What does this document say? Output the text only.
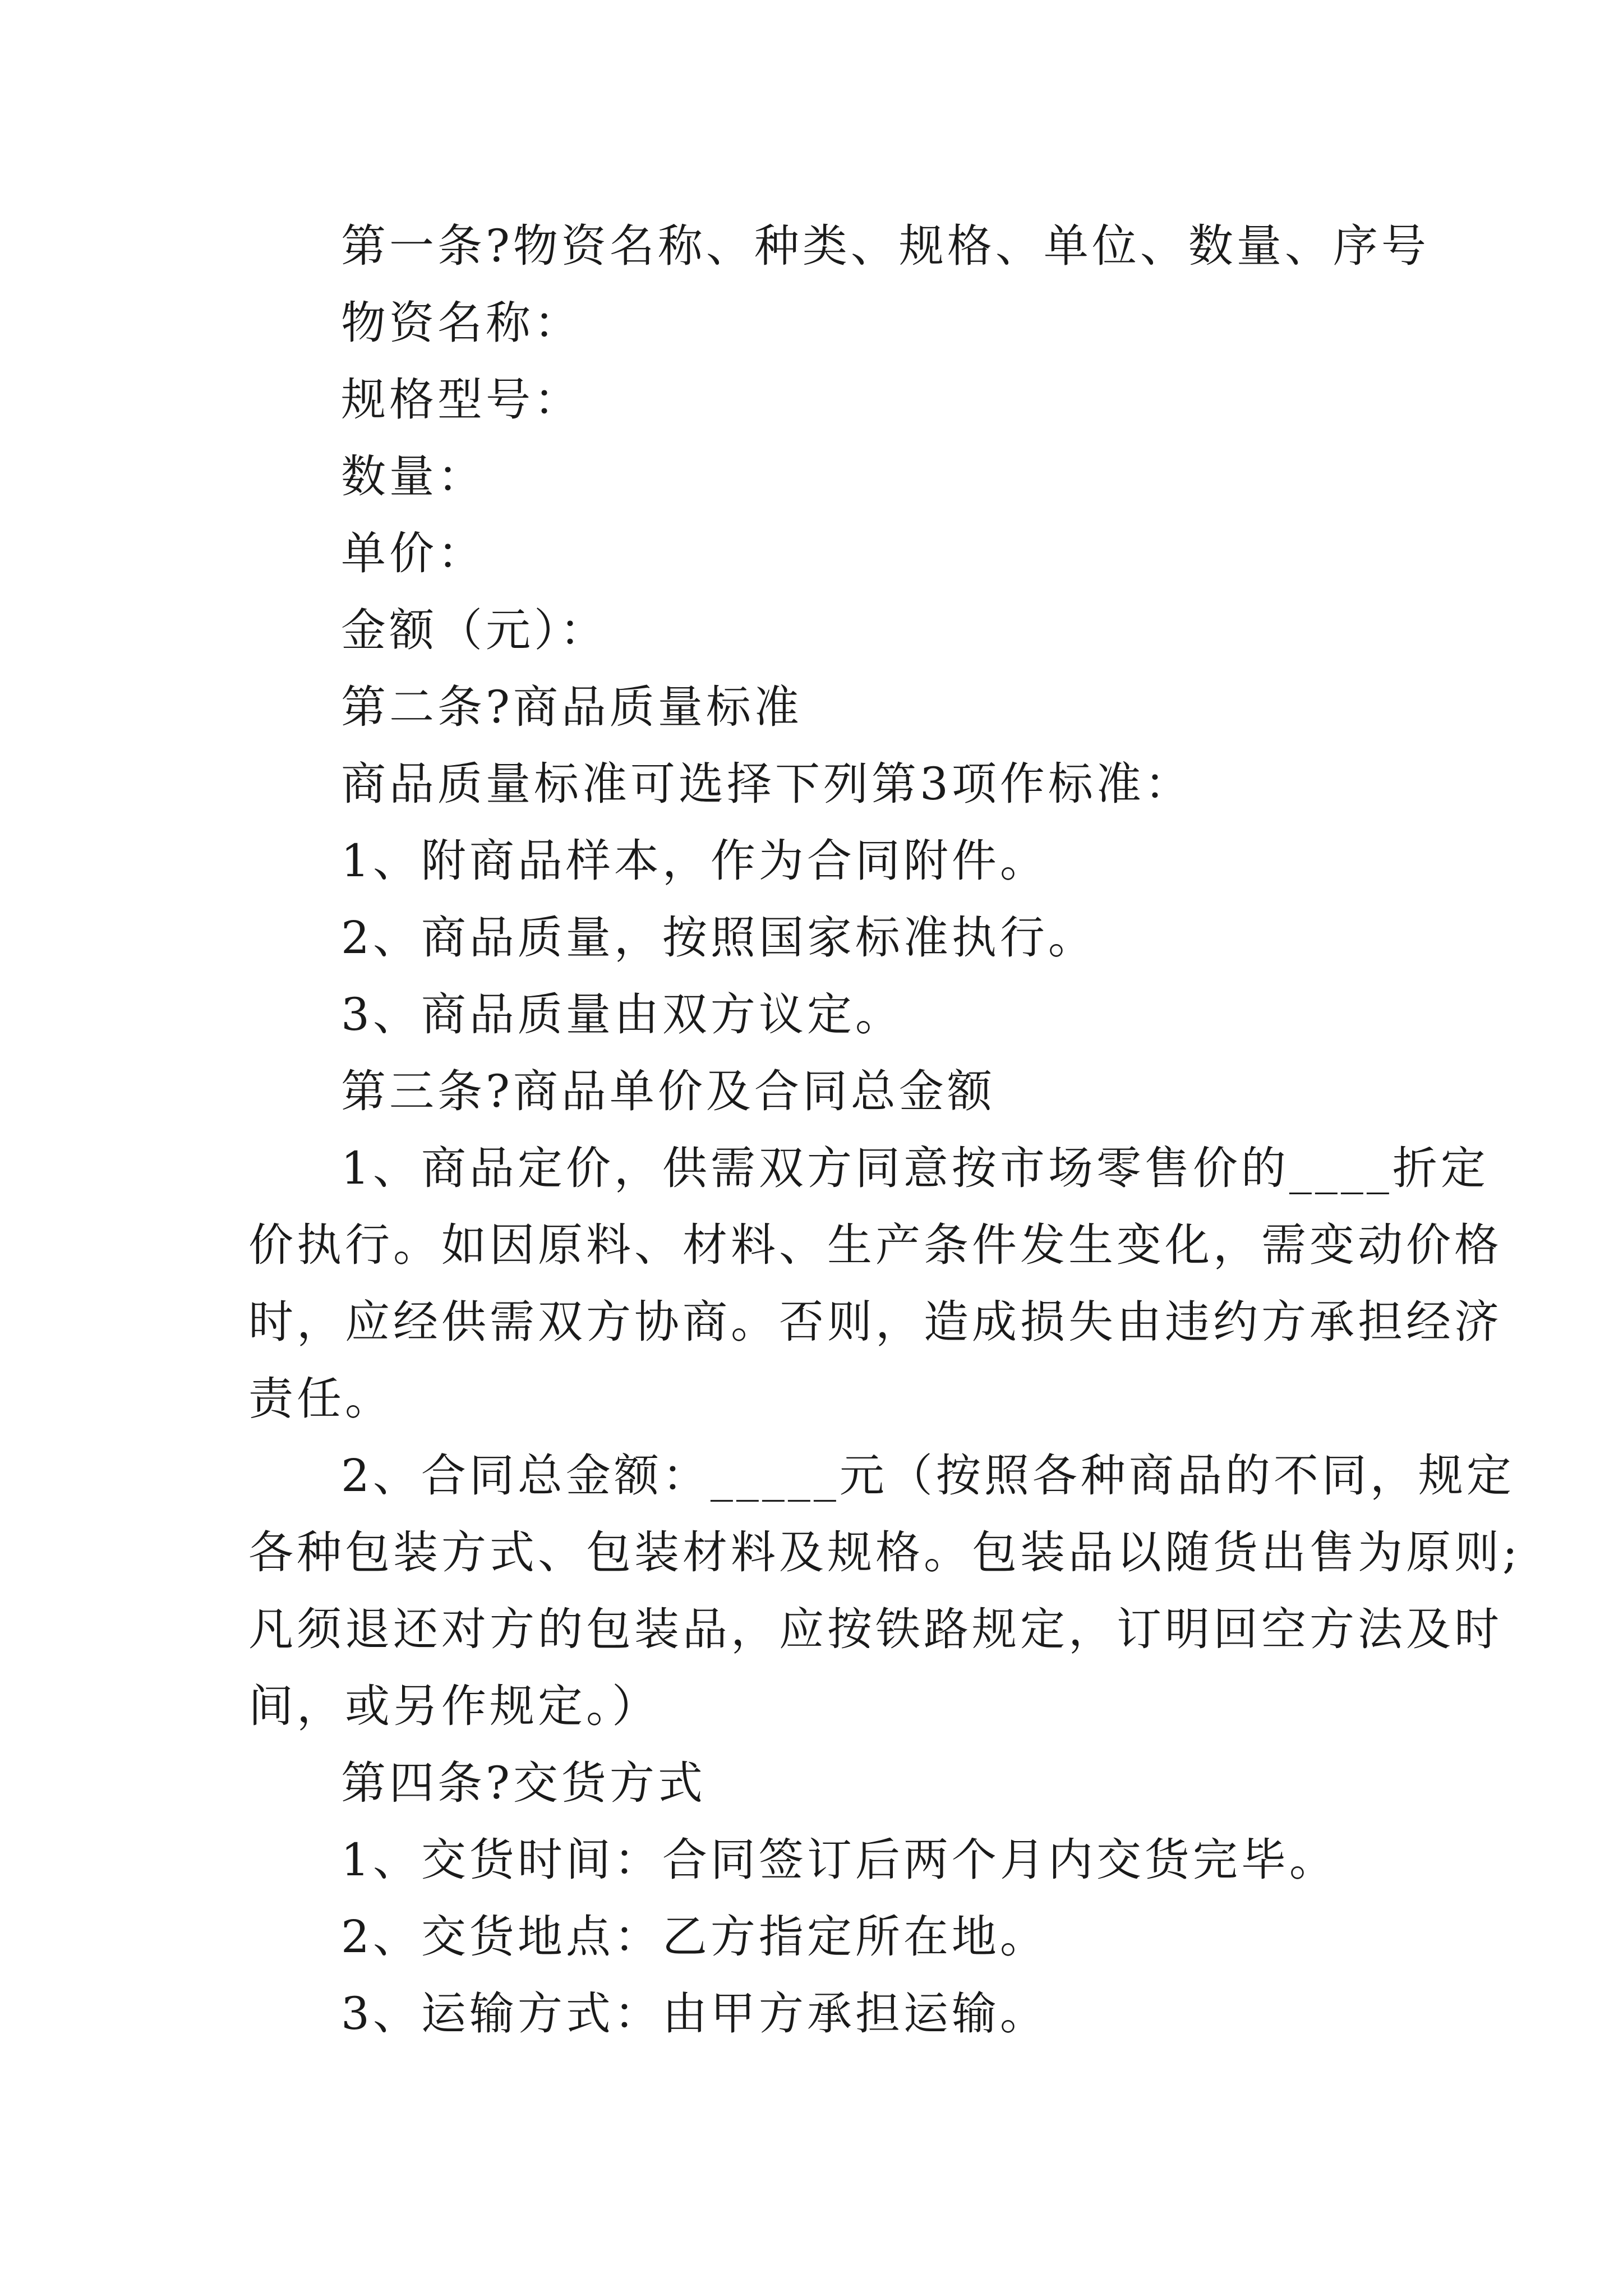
第一条?物资名称、种类、规格、单位、数量、序号

物资名称：

规格型号：

数量：

单价：

金额（元）：

第二条?商品质量标准

商品质量标准可选择下列第3项作标准：

1、附商品样本，作为合同附件。

2、商品质量，按照国家标准执行。

3、商品质量由双方议定。

第三条?商品单价及合同总金额

1、商品定价，供需双方同意按市场零售价的____折定

价执行。如因原料、材料、生产条件发生变化，需变动价格

时，应经供需双方协商。否则，造成损失由违约方承担经济

责任。

2、合同总金额：_____元（按照各种商品的不同，规定

各种包装方式、包装材料及规格。包装品以随货出售为原则;

凡须退还对方的包装品，应按铁路规定，订明回空方法及时

间，或另作规定。）

第四条?交货方式

1、交货时间：合同签订后两个月内交货完毕。

2、交货地点：乙方指定所在地。

3、运输方式：由甲方承担运输。
